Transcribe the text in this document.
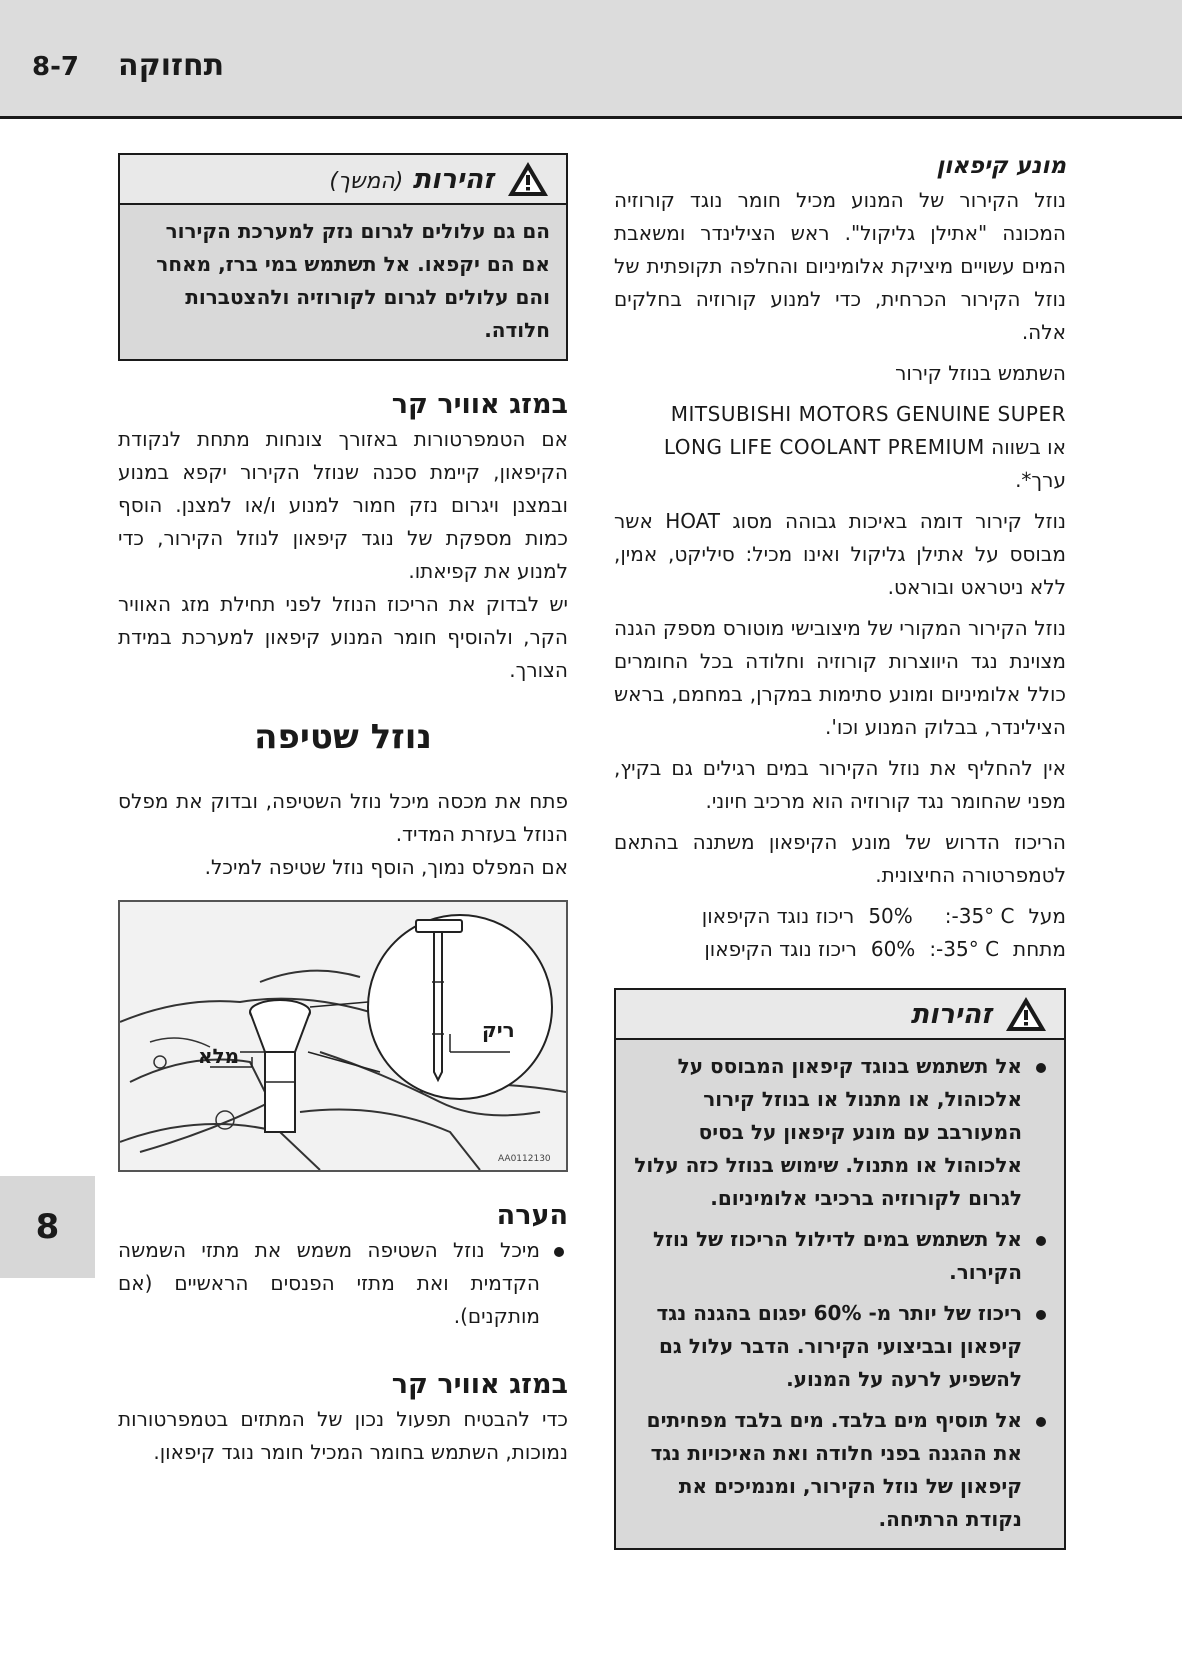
תחזוקה
8-7
8

מונע קיפאון

נוזל הקירור של המנוע מכיל חומר נוגד קורוזיה המכונה "אתילן גליקול". ראש הצילינדר ומשאבת המים עשויים מיציקת אלומיניום והחלפה תקופתית של נוזל הקירור הכרחית, כדי למנוע קורוזיה בחלקים אלה.

השתמש בנוזל קירור

MITSUBISHI MOTORS GENUINE SUPER

או בשווה LONG LIFE COOLANT PREMIUM

ערך*.

נוזל קירור דומה באיכות גבוהה מסוג HOAT אשר מבוסס על אתילן גליקול ואינו מכיל: סיליקט, אמין, ללא ניטראט ובוראט.

נוזל הקירור המקורי של מיצובישי מוטורס מספק הגנה מצוינת נגד היווצרות קורוזיה וחלודה בכל החומרים כולל אלומיניום ומונע סתימות במקרן, במחמם, בראש הצילינדר, בבלוק המנוע וכו'.

אין להחליף את נוזל הקירור במים רגילים גם בקיץ, מפני שהחומר נגד קורוזיה הוא מרכיב חיוני.

הריכוז הדרוש של מונע הקיפאון משתנה בהתאם לטמפרטורה החיצונית.

מעל
:-35° C
50%
ריכוז נוגד הקיפאון
מתחת
:-35° C
60%
ריכוז נוגד הקיפאון
זהירות
אל תשתמש בנוגד קיפאון המבוסס על אלכוהול, או מתנול או בנוזל קירור המעורבב עם מונע קיפאון על בסיס אלכוהול או מתנול. שימוש בנוזל כזה עלול לגרום לקורוזיה ברכיבי אלומיניום.
אל תשתמש במים לדילול הריכוז של נוזל הקירור.
ריכוז של יותר מ- 60% יפגום בהגנה נגד קיפאון ובביצועי הקירור. הדבר עלול גם להשפיע לרעה על המנוע.
אל תוסיף מים בלבד. מים בלבד מפחיתים את ההגנה בפני חלודה ואת האיכויות נגד קיפאון של נוזל הקירור, ומנמיכים את נקודת הרתיחה.
זהירות (המשך)
הם גם עלולים לגרום נזק למערכת הקירור אם הם יקפאו. אל תשתמש במי ברז, מאחר והם עלולים לגרום לקורוזיה ולהצטברות חלודה.

במזג אוויר קר

אם הטמפרטורות באזורך צונחות מתחת לנקודת הקיפאון, קיימת סכנה שנוזל הקירור יקפא במנוע ובמצנן ויגרום נזק חמור למנוע ו/או למצנן. הוסף כמות מספקת של נוגד קיפאון לנוזל הקירור, כדי למנוע את קפיאתו.

יש לבדוק את הריכוז הנוזל לפני תחילת מזג האוויר הקר, ולהוסיף חומר המנוע קיפאון למערכת במידת הצורך.

נוזל שטיפה

פתח את מכסה מיכל נוזל השטיפה, ובדוק את מפלס הנוזל בעזרת המדיד.

אם המפלס נמוך, הוסף נוזל שטיפה למיכל.

ריק
מלא
AA0112130

הערה

מיכל נוזל השטיפה משמש את מתזי השמשה הקדמית ואת מתזי הפנסים הראשיים (אם מותקנים).

במזג אוויר קר

כדי להבטיח תפעול נכון של המתזים בטמפרטורות נמוכות, השתמש בחומר המכיל חומר נוגד קיפאון.
